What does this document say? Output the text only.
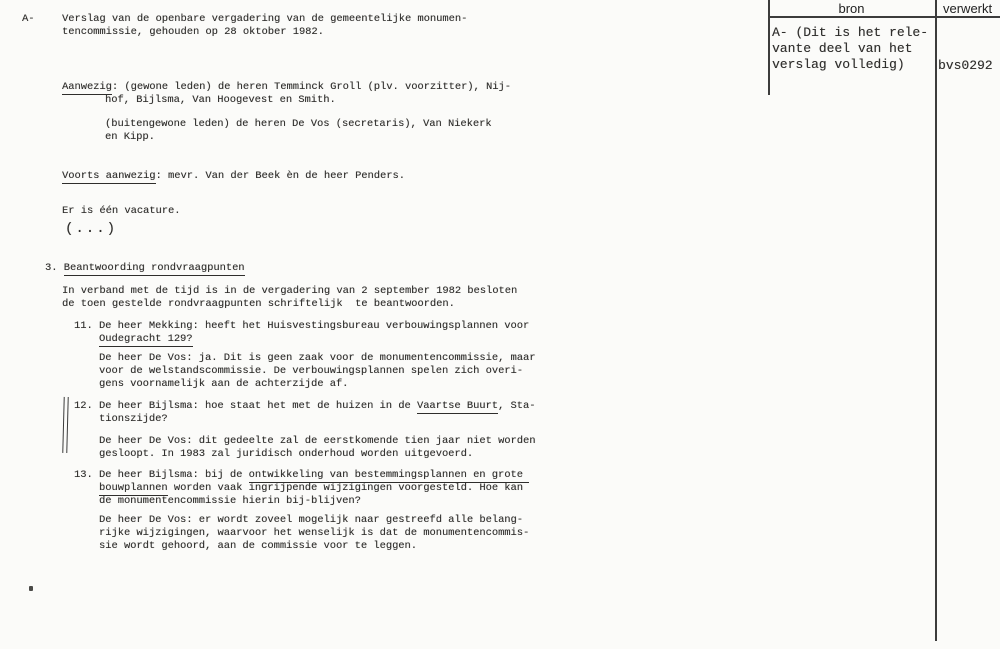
bron	verwerkt
A- (Dit is het rele-
vante deel van het
verslag volledig)	bvs0292
A-	Verslag van de openbare vergadering van de gemeentelijke monumen-
tencommissie, gehouden op 28 oktober 1982.
Aanwezig: (gewone leden) de heren Temminck Groll (plv. voorzitter), Nij-
hof, Bijlsma, Van Hoogevest en Smith.
(buitengewone leden) de heren De Vos (secretaris), Van Niekerk
en Kipp.
Voorts aanwezig: mevr. Van der Beek èn de heer Penders.
Er is één vacature.
(...)
3. Beantwoording rondvraagpunten
In verband met de tijd is in de vergadering van 2 september 1982 besloten
de toen gestelde rondvraagpunten schriftelijk  te beantwoorden.
11. De heer Mekking: heeft het Huisvestingsbureau verbouwingsplannen voor
Oudegracht 129?
De heer De Vos: ja. Dit is geen zaak voor de monumentencommissie, maar
voor de welstandscommissie. De verbouwingsplannen spelen zich overi-
gens voornamelijk aan de achterzijde af.
12. De heer Bijlsma: hoe staat het met de huizen in de Vaartse Buurt, Sta-
tionszijde?
De heer De Vos: dit gedeelte zal de eerstkomende tien jaar niet worden
gesloopt. In 1983 zal juridisch onderhoud worden uitgevoerd.
13. De heer Bijlsma: bij de ontwikkeling van bestemmingsplannen en grote
bouwplannen worden vaak ingrijpende wijzigingen voorgesteld. Hoe kan
de monumentencommissie hierin bij-blijven?
De heer De Vos: er wordt zoveel mogelijk naar gestreefd alle belang-
rijke wijzigingen, waarvoor het wenselijk is dat de monumentencommis-
sie wordt gehoord, aan de commissie voor te leggen.
